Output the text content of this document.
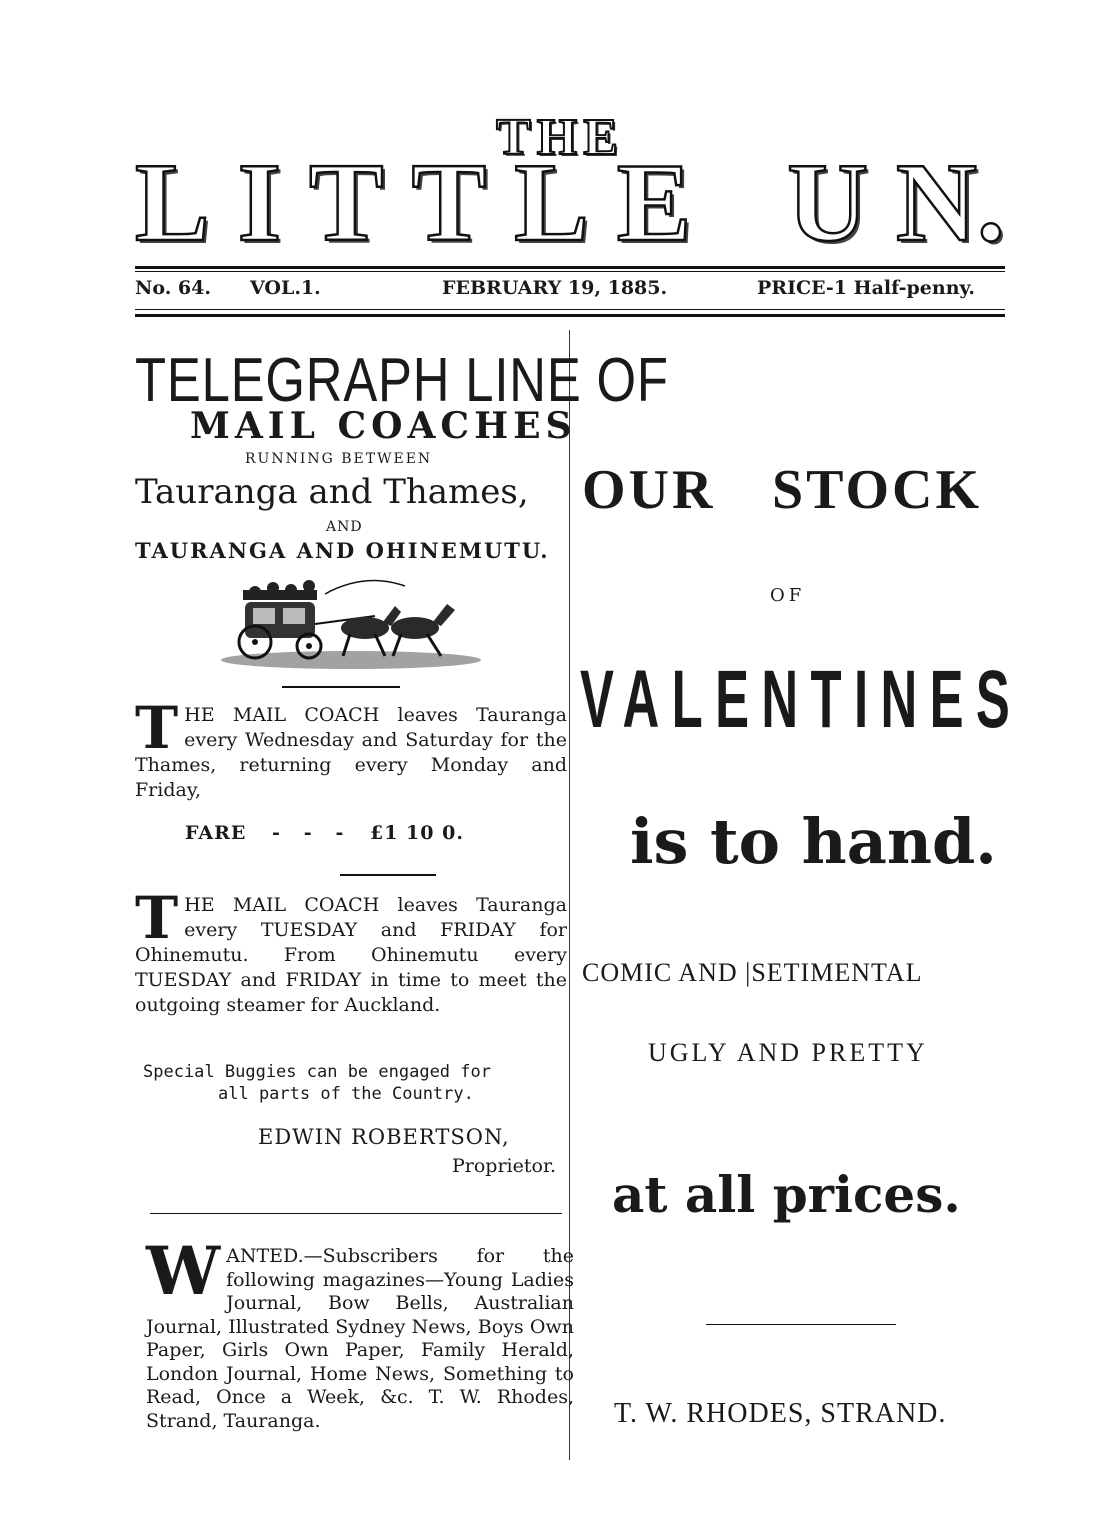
THE
L I T T L E U N.
No. 64. VOL.1.	FEBRUARY 19, 1885.	PRICE-1 Half-penny.
TELEGRAPH LINE OF
MAIL COACHES
RUNNING BETWEEN
Tauranga and Thames,
AND
TAURANGA AND OHINEMUTU.
THE MAIL COACH leaves Tauranga every Wednesday and Saturday for the Thames, returning every Monday and Friday,
FARE -   -   - £1 10 0.
THE MAIL COACH leaves Tauranga every TUESDAY and FRIDAY for Ohinemutu. From Ohinemutu every TUESDAY and FRIDAY in time to meet the outgoing steamer for Auckland.
Special Buggies can be engaged for
all parts of the Country.
EDWIN ROBERTSON,
Proprietor.
WANTED.—Subscribers for the following magazines—Young Ladies Journal, Bow Bells, Australian Journal, Illustrated Sydney News, Boys Own Paper, Girls Own Paper, Family Herald, London Journal, Home News, Something to Read, Once a Week, &c. T. W. Rhodes, Strand, Tauranga.
OUR STOCK
OF
VALENTINES
is to hand.
COMIC AND |SETIMENTAL
UGLY AND PRETTY
at all prices.
T. W. RHODES, STRAND.
